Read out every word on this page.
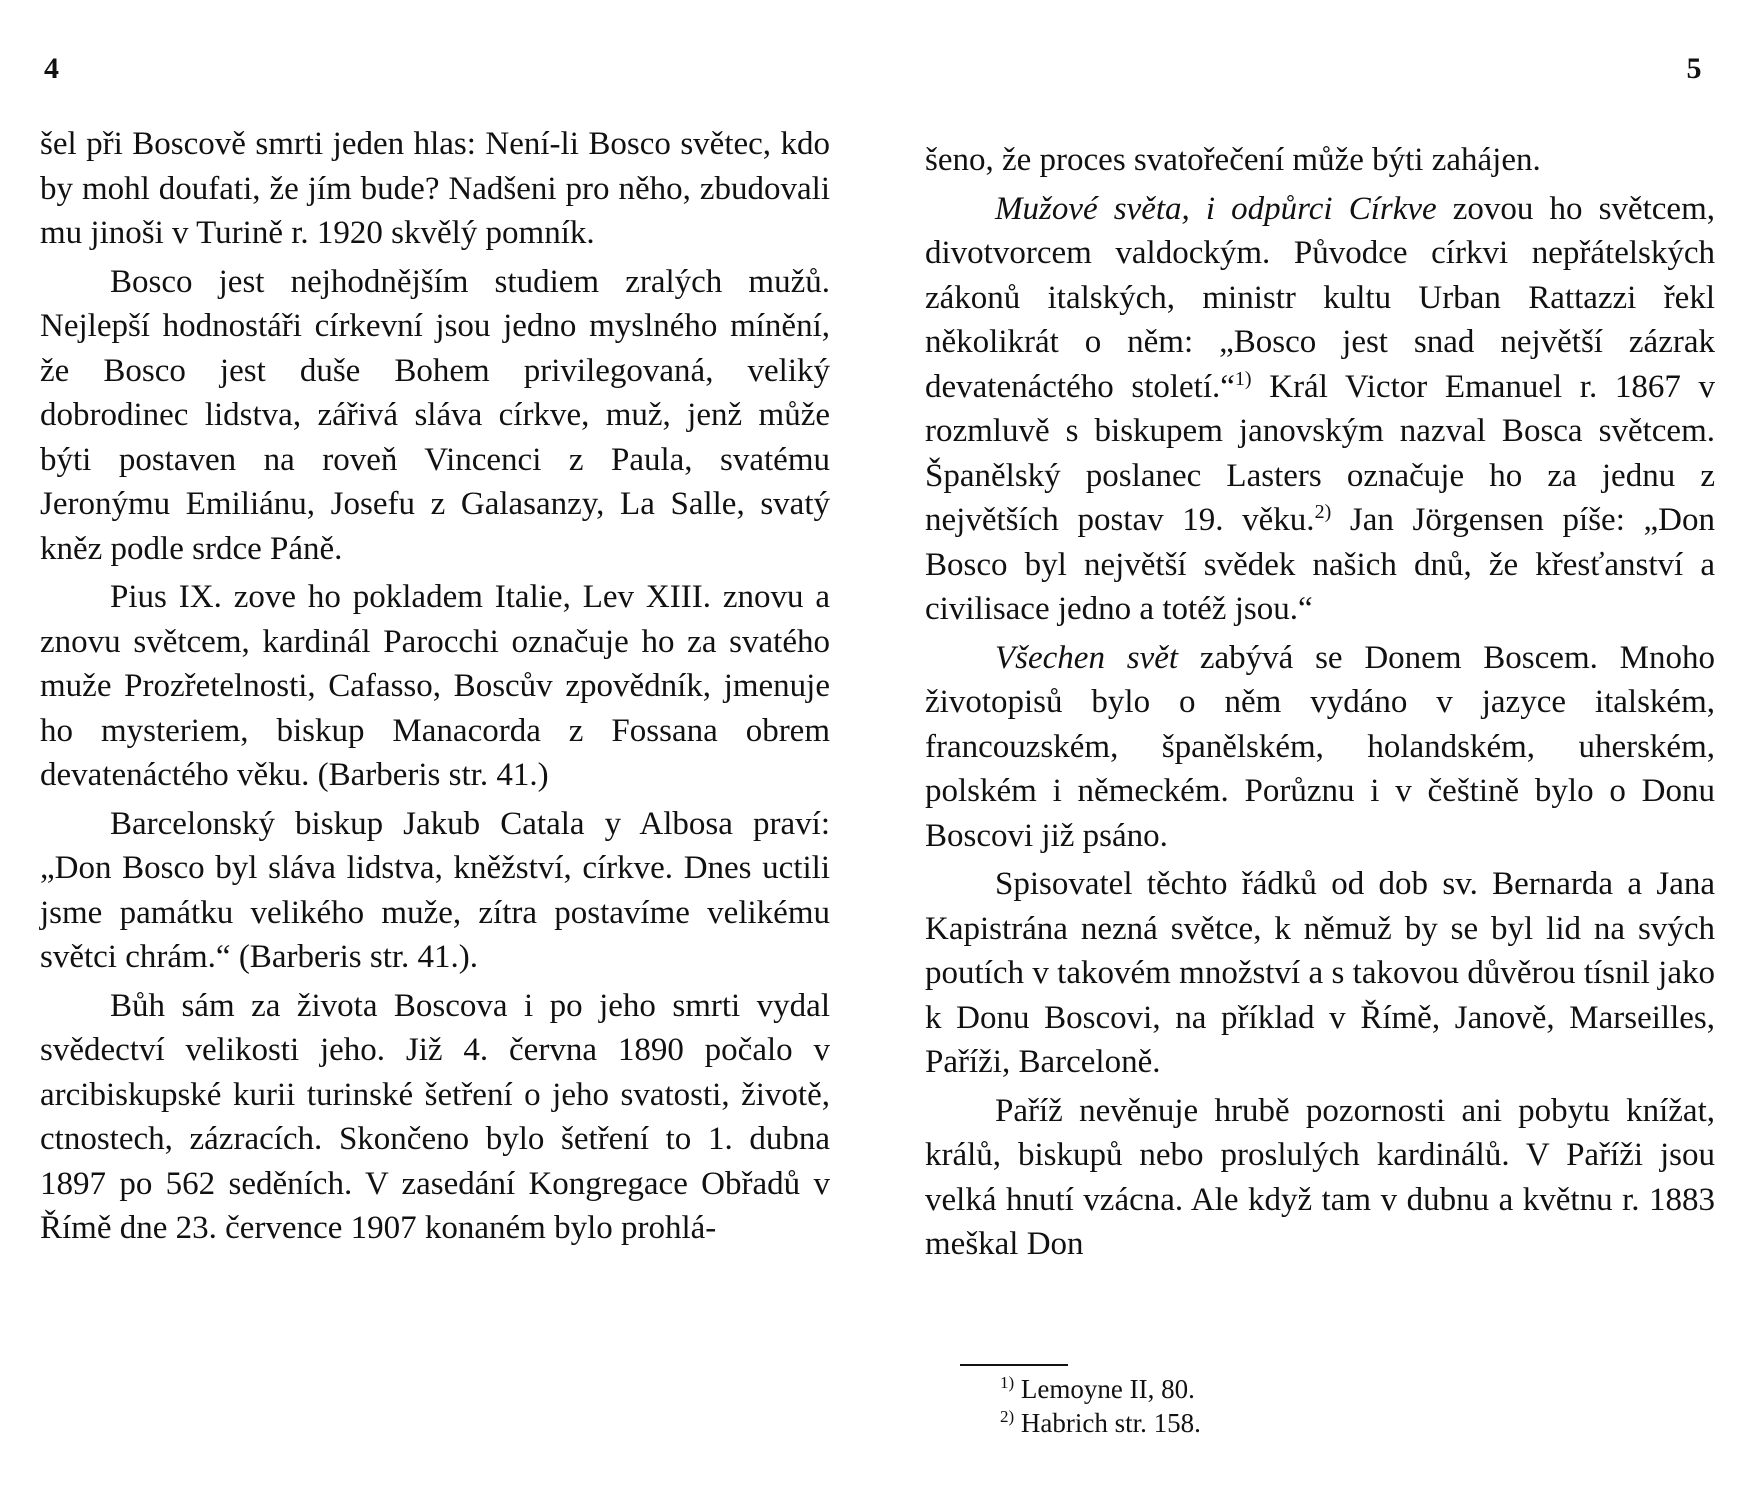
4

šel při Boscově smrti jeden hlas: Není-li Bosco světec, kdo by mohl doufati, že jím bude? Nadšeni pro něho, zbudovali mu jinoši v Turině r. 1920 skvělý pomník.

Bosco jest nejhodnějším studiem zralých mužů. Nejlepší hodnostáři církevní jsou jedno myslného mínění, že Bosco jest duše Bohem privilegovaná, veliký dobrodinec lidstva, zářivá sláva církve, muž, jenž může býti postaven na roveň Vincenci z Paula, svatému Jeronýmu Emiliánu, Josefu z Galasanzy, La Salle, svatý kněz podle srdce Páně.

Pius IX. zove ho pokladem Italie, Lev XIII. znovu a znovu světcem, kardinál Parocchi označuje ho za svatého muže Prozřetelnosti, Cafasso, Boscův zpovědník, jmenuje ho mysteriem, biskup Manacorda z Fossana obrem devatenáctého věku. (Barberis str. 41.)

Barcelonský biskup Jakub Catala y Albosa praví: „Don Bosco byl sláva lidstva, kněžství, církve. Dnes uctili jsme památku velikého muže, zítra postavíme velikému světci chrám.“ (Barberis str. 41.).

Bůh sám za života Boscova i po jeho smrti vydal svědectví velikosti jeho. Již 4. června 1890 počalo v arcibiskupské kurii turinské šetření o jeho svatosti, životě, ctnostech, zázracích. Skončeno bylo šetření to 1. dubna 1897 po 562 seděních. V zasedání Kongregace Obřadů v Římě dne 23. července 1907 konaném bylo prohlá-

5

šeno, že proces svatořečení může býti zahájen.

Mužové světa, i odpůrci Církve zovou ho světcem, divotvorcem valdockým. Původce církvi nepřátelských zákonů italských, ministr kultu Urban Rattazzi řekl několikrát o něm: „Bosco jest snad největší zázrak devatenáctého století.“$^{1)}$ Král Victor Emanuel r. 1867 v rozmluvě s biskupem janovským nazval Bosca světcem. Španělský poslanec Lasters označuje ho za jednu z největších postav 19. věku.$^{2)}$ Jan Jörgensen píše: „Don Bosco byl největší svědek našich dnů, že křesťanství a civilisace jedno a totéž jsou.“

Všechen svět zabývá se Donem Boscem. Mnoho životopisů bylo o něm vydáno v jazyce italském, francouzském, španělském, holandském, uherském, polském i německém. Porůznu i v češtině bylo o Donu Boscovi již psáno.

Spisovatel těchto řádků od dob sv. Bernarda a Jana Kapistrána nezná světce, k němuž by se byl lid na svých poutích v takovém množství a s takovou důvěrou tísnil jako k Donu Boscovi, na příklad v Římě, Janově, Marseilles, Paříži, Barceloně.

Paříž nevěnuje hrubě pozornosti ani pobytu knížat, králů, biskupů nebo proslulých kardinálů. V Paříži jsou velká hnutí vzácna. Ale když tam v dubnu a květnu r. 1883 meškal Don

$^{1)}$ Lemoyne II, 80.
$^{2)}$ Habrich str. 158.
